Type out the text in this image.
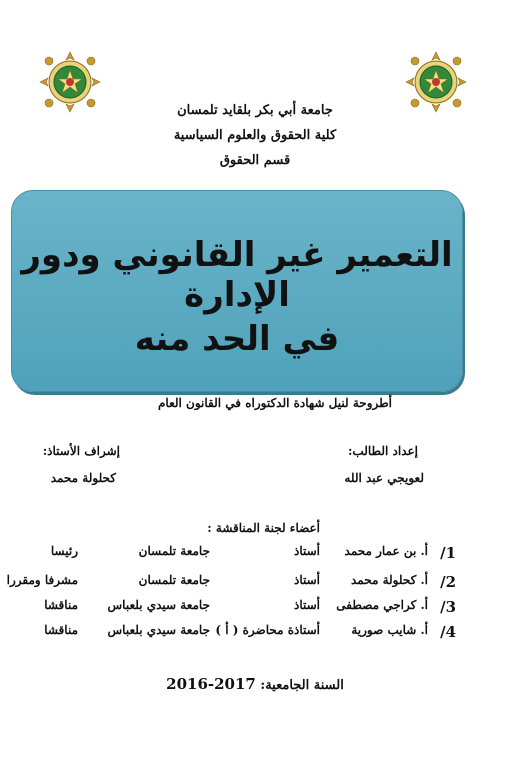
جامعة أبي بكر بلقايد تلمسان
كلية الحقوق والعلوم السياسية
قسم الحقوق
التعمير غير القانوني ودور الإدارة
في الحد منه
أطروحة لنيل شهادة الدكتوراه في القانون العام
إعداد الطالب:
لعويجي عبد الله
إشراف الأستاذ:
كحلولة محمد
أعضاء لجنة المناقشة :
1/
أ. بن عمار محمد
أستاذ
جامعة تلمسان
رئيسا
2/
أ. كحلولة محمد
أستاذ
جامعة تلمسان
مشرفا ومقررا
3/
أ. كراجي مصطفى
أستاذ
جامعة سيدي بلعباس
مناقشا
4/
أ. شايب صورية
أستاذة محاضرة ( أ )
جامعة سيدي بلعباس
مناقشا
السنة الجامعية: 2016-2017
